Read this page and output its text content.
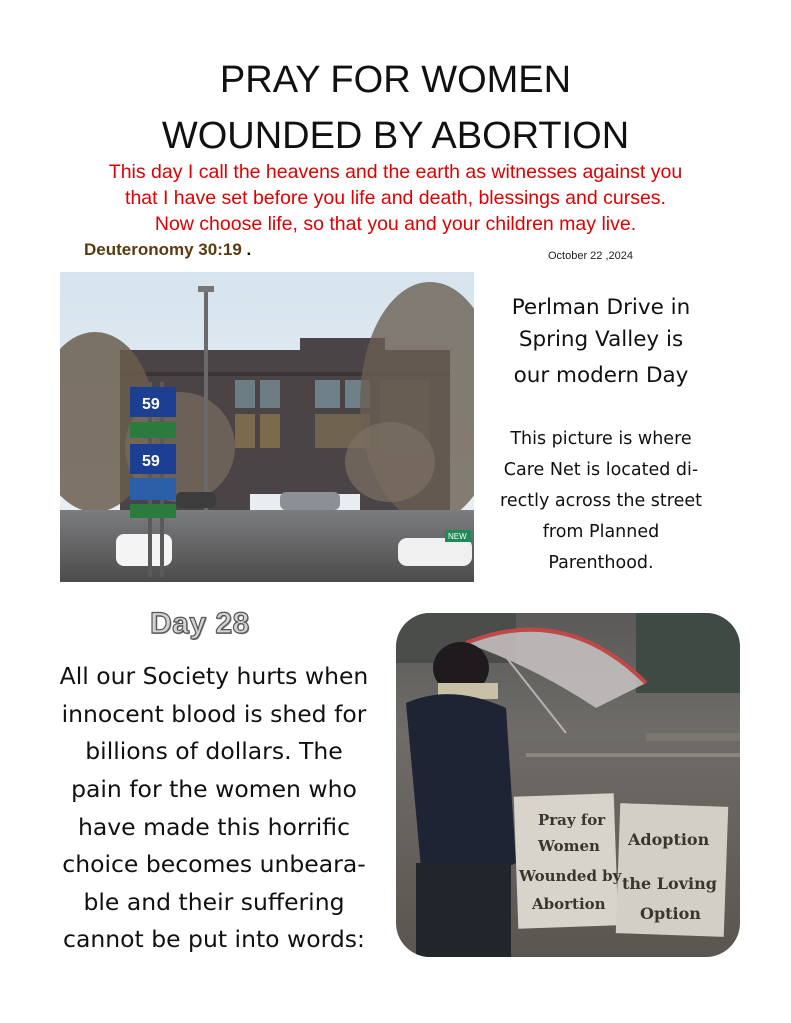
PRAY FOR WOMEN
WOUNDED BY ABORTION
This day I call the heavens and the earth as witnesses against you
that I have set before you life and death, blessings and curses.
Now choose life, so that you and your children may live.
Deuteronomy 30:19 .	October 22 ,2024
59
59
NEW
Perlman Drive in
Spring Valley is
our modern Day
This picture is where
Care Net is located di-
rectly across the street
from Planned
Parenthood.
Day 28
All our Society hurts when
innocent blood is shed for
billions of dollars. The
pain for the women who
have made this horrific
choice becomes unbeara-
ble and their suffering
cannot be put into words:
Pray for
Women
Wounded by
Abortion
Adoption
the Loving
Option
